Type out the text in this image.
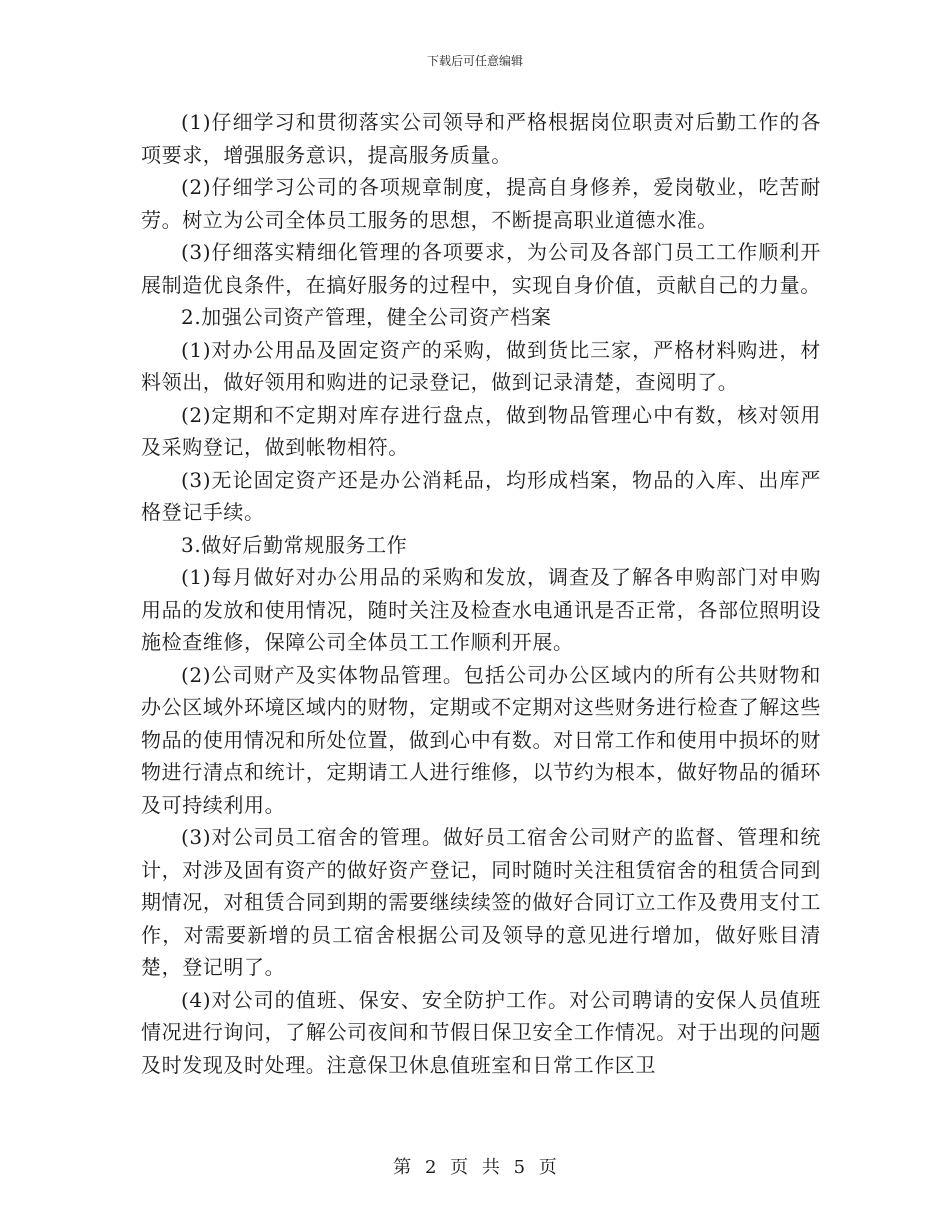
下载后可任意编辑

(1)仔细学习和贯彻落实公司领导和严格根据岗位职责对后勤工作的各项要求，增强服务意识，提高服务质量。

(2)仔细学习公司的各项规章制度，提高自身修养，爱岗敬业，吃苦耐劳。树立为公司全体员工服务的思想，不断提高职业道德水准。

(3)仔细落实精细化管理的各项要求，为公司及各部门员工工作顺利开展制造优良条件，在搞好服务的过程中，实现自身价值，贡献自己的力量。

2.加强公司资产管理，健全公司资产档案

(1)对办公用品及固定资产的采购，做到货比三家，严格材料购进，材料领出，做好领用和购进的记录登记，做到记录清楚，查阅明了。

(2)定期和不定期对库存进行盘点，做到物品管理心中有数，核对领用及采购登记，做到帐物相符。

(3)无论固定资产还是办公消耗品，均形成档案，物品的入库、出库严格登记手续。

3.做好后勤常规服务工作

(1)每月做好对办公用品的采购和发放，调查及了解各申购部门对申购用品的发放和使用情况，随时关注及检查水电通讯是否正常，各部位照明设施检查维修，保障公司全体员工工作顺利开展。

(2)公司财产及实体物品管理。包括公司办公区域内的所有公共财物和办公区域外环境区域内的财物，定期或不定期对这些财务进行检查了解这些物品的使用情况和所处位置，做到心中有数。对日常工作和使用中损坏的财物进行清点和统计，定期请工人进行维修，以节约为根本，做好物品的循环及可持续利用。

(3)对公司员工宿舍的管理。做好员工宿舍公司财产的监督、管理和统计，对涉及固有资产的做好资产登记，同时随时关注租赁宿舍的租赁合同到期情况，对租赁合同到期的需要继续续签的做好合同订立工作及费用支付工作，对需要新增的员工宿舍根据公司及领导的意见进行增加，做好账目清楚，登记明了。

(4)对公司的值班、保安、安全防护工作。对公司聘请的安保人员值班情况进行询问，了解公司夜间和节假日保卫安全工作情况。对于出现的问题及时发现及时处理。注意保卫休息值班室和日常工作区卫

第 2 页 共 5 页
